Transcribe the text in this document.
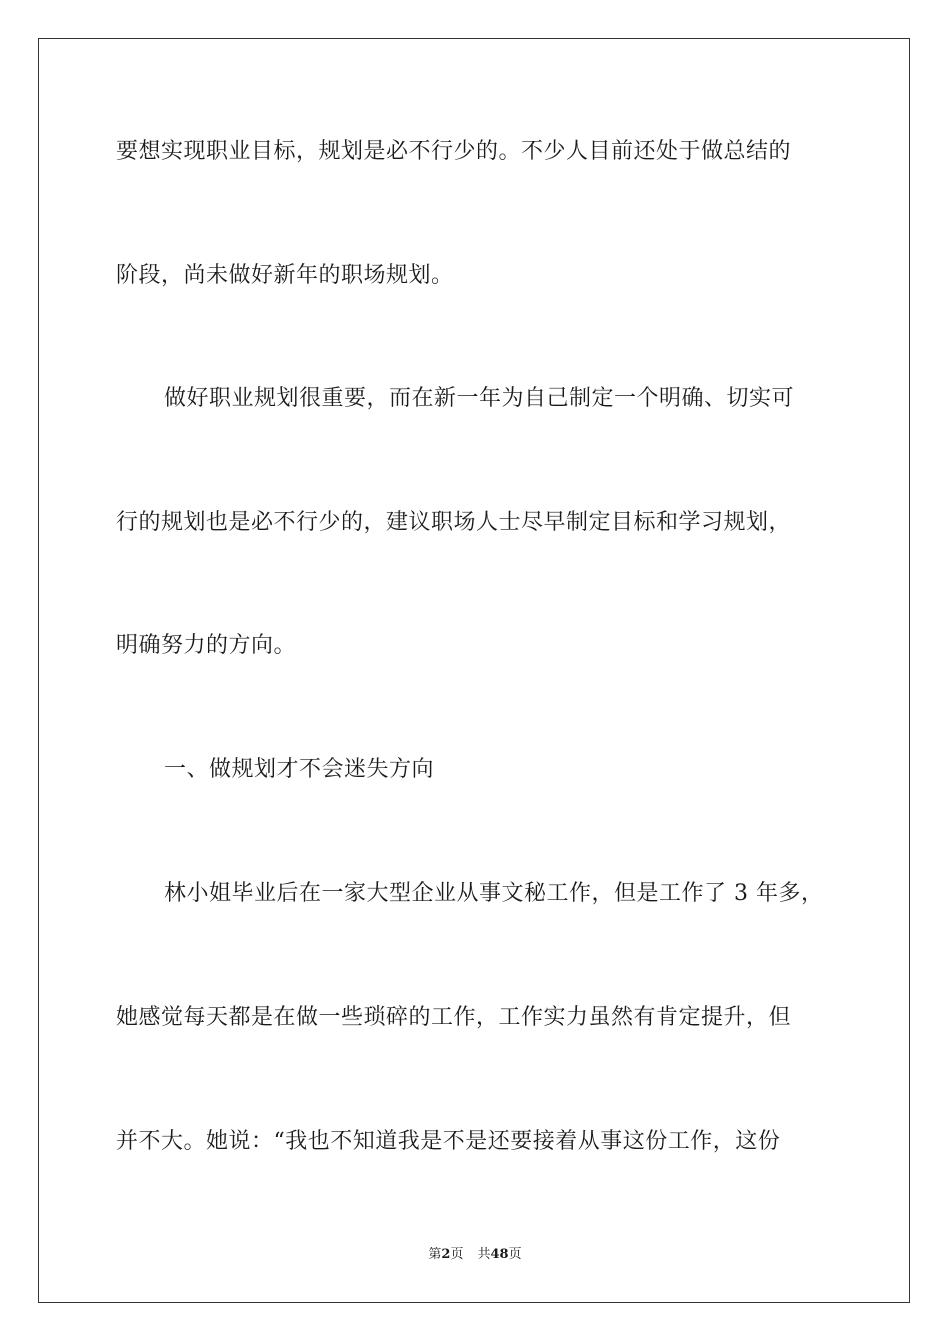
要想实现职业目标，规划是必不行少的。不少人目前还处于做总结的
阶段，尚未做好新年的职场规划。
做好职业规划很重要，而在新一年为自己制定一个明确、切实可
行的规划也是必不行少的，建议职场人士尽早制定目标和学习规划，
明确努力的方向。
一、做规划才不会迷失方向
林小姐毕业后在一家大型企业从事文秘工作，但是工作了 3 年多，
她感觉每天都是在做一些琐碎的工作，工作实力虽然有肯定提升，但
并不大。她说：“我也不知道我是不是还要接着从事这份工作，这份
第2页 共48页
